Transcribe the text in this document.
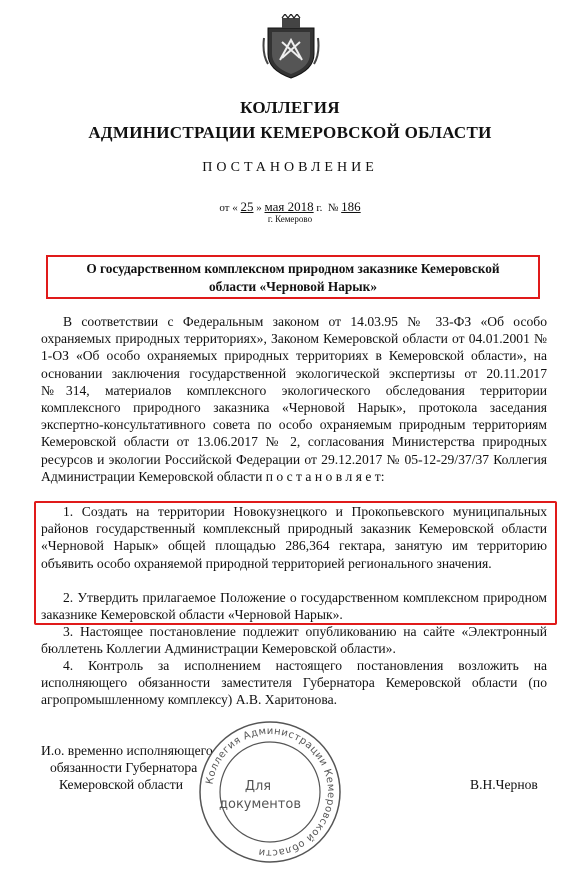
КОЛЛЕГИЯ
АДМИНИСТРАЦИИ КЕМЕРОВСКОЙ ОБЛАСТИ
ПОСТАНОВЛЕНИЕ
от « 25 » мая 2018 г. № 186
г. Кемерово
О государственном комплексном природном заказнике Кемеровской
области «Черновой Нарык»

В соответствии с Федеральным законом от 14.03.95 № 33-ФЗ «Об особо охраняемых природных территориях», Законом Кемеровской области от 04.01.2001 № 1-ОЗ «Об особо охраняемых природных территориях в Кемеровской области», на основании заключения государственной экологической экспертизы от 20.11.2017 №314, материалов комплексного экологического обследования территории комплексного природного заказника «Черновой Нарык», протокола заседания экспертно-консультативного совета по особо охраняемым природным территориям Кемеровской области от 13.06.2017 № 2, согласования Министерства природных ресурсов и экологии Российской Федерации от 29.12.2017 № 05-12-29/37/37 Коллегия Администрации Кемеровской области п о с т а н о в л я е т:

1. Создать на территории Новокузнецкого и Прокопьевского муниципальных районов государственный комплексный природный заказник Кемеровской области «Черновой Нарык» общей площадью 286,364 гектара, занятую им территорию объявить особо охраняемой природной территорией регионального значения.

2. Утвердить прилагаемое Положение о государственном комплексном природном заказнике Кемеровской области «Черновой Нарык».

3. Настоящее постановление подлежит опубликованию на сайте «Электронный бюллетень Коллегии Администрации Кемеровской области».

4. Контроль за исполнением настоящего постановления возложить на исполняющего обязанности заместителя Губернатора Кемеровской области (по агропромышленному комплексу) А.В. Харитонова.

И.о. временно исполняющего
обязанности Губернатора
Кемеровской области	Коллегия Администрации Кемеровской области
Для
документов
В.Н.Чернов
